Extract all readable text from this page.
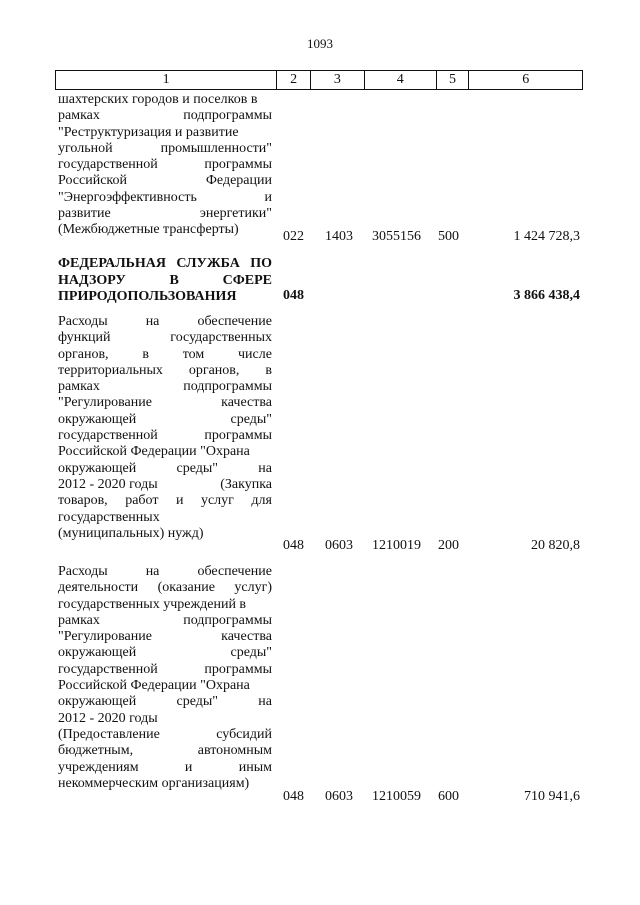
1093
1	2	3	4	5	6
шахтерских городов и поселков в
рамках	подпрограммы
"Реструктуризация и развитие
угольной	промышленности"
государственной	программы
Российской	Федерации
"Энергоэффективность	и
развитие	энергетики"
(Межбюджетные трансферты)	022 1403 3055156 500	1 424 728,3
ФЕДЕРАЛЬНАЯ СЛУЖБА ПО
НАДЗОРУ	В	СФЕРЕ
ПРИРОДОПОЛЬЗОВАНИЯ	048	3 866 438,4
Расходы	на	обеспечение
функций	государственных
органов, в том числе
территориальных органов, в
рамках	подпрограммы
"Регулирование	качества
окружающей	среды"
государственной	программы
Российской Федерации "Охрана
окружающей	среды"	на
2012 - 2020 годы	(Закупка
товаров, работ и услуг для
государственных
(муниципальных) нужд)
048 0603 1210019 200	20 820,8
Расходы	на	обеспечение
деятельности (оказание услуг)
государственных учреждений в
рамках	подпрограммы
"Регулирование	качества
окружающей	среды"
государственной	программы
Российской Федерации "Охрана
окружающей	среды"	на
2012 - 2020 годы
(Предоставление	субсидий
бюджетным,	автономным
учреждениям	и	иным
некоммерческим организациям)
048 0603 1210059 600	710 941,6
